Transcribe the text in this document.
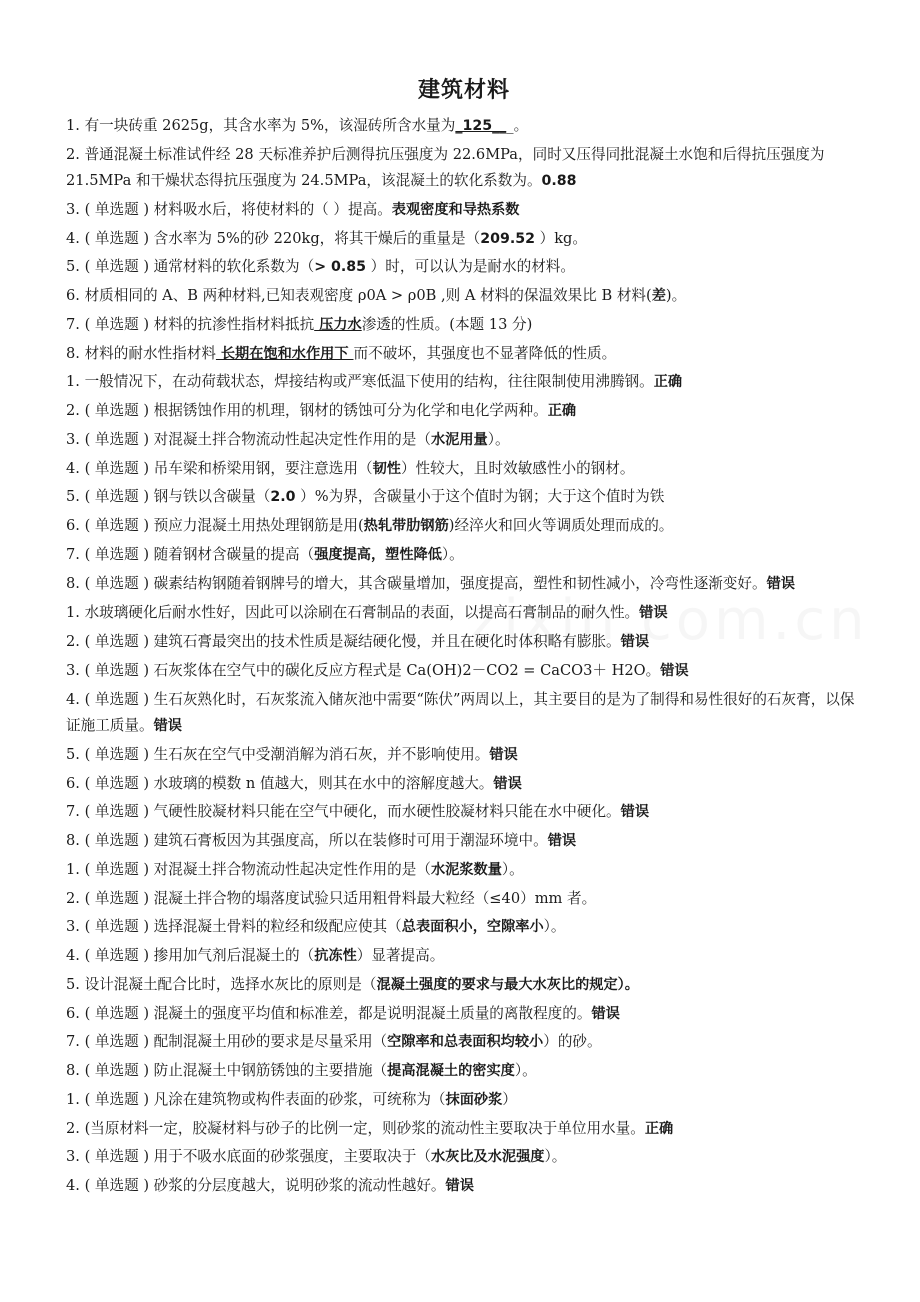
建筑材料
1. 有一块砖重 2625g，其含水率为 5%，该湿砖所含水量为_125___。
2. 普通混凝土标准试件经 28 天标准养护后测得抗压强度为 22.6MPa，同时又压得同批混凝土水饱和后得抗压强度为 21.5MPa 和干燥状态得抗压强度为 24.5MPa，该混凝土的软化系数为。0.88
3. ( 单选题 ) 材料吸水后，将使材料的（ ）提高。表观密度和导热系数
4. ( 单选题 ) 含水率为 5%的砂 220kg，将其干燥后的重量是（209.52 ）kg。
5. ( 单选题 ) 通常材料的软化系数为（> 0.85 ）时，可以认为是耐水的材料。
6. 材质相同的 A、B 两种材料,已知表观密度 ρ0A > ρ0B ,则 A 材料的保温效果比 B 材料(差)。
7. ( 单选题 ) 材料的抗渗性指材料抵抗 压力水渗透的性质。(本题 13 分)
8. 材料的耐水性指材料 长期在饱和水作用下 而不破坏，其强度也不显著降低的性质。
1. 一般情况下，在动荷载状态，焊接结构或严寒低温下使用的结构，往往限制使用沸腾钢。正确
2. ( 单选题 ) 根据锈蚀作用的机理，钢材的锈蚀可分为化学和电化学两种。正确
3. ( 单选题 ) 对混凝土拌合物流动性起决定性作用的是（水泥用量）。
4. ( 单选题 ) 吊车梁和桥梁用钢，要注意选用（韧性）性较大，且时效敏感性小的钢材。
5. ( 单选题 ) 钢与铁以含碳量（2.0 ）%为界，含碳量小于这个值时为钢；大于这个值时为铁
6. ( 单选题 ) 预应力混凝土用热处理钢筋是用(热轧带肋钢筋)经淬火和回火等调质处理而成的。
7. ( 单选题 ) 随着钢材含碳量的提高（强度提高，塑性降低）。
8. ( 单选题 ) 碳素结构钢随着钢牌号的增大，其含碳量增加，强度提高，塑性和韧性减小，冷弯性逐渐变好。错误
1. 水玻璃硬化后耐水性好，因此可以涂刷在石膏制品的表面，以提高石膏制品的耐久性。错误
2. ( 单选题 ) 建筑石膏最突出的技术性质是凝结硬化慢，并且在硬化时体积略有膨胀。错误
3. ( 单选题 ) 石灰浆体在空气中的碳化反应方程式是 Ca(OH)2－CO2 = CaCO3＋ H2O。错误
4. ( 单选题 ) 生石灰熟化时，石灰浆流入储灰池中需要“陈伏”两周以上，其主要目的是为了制得和易性很好的石灰膏，以保证施工质量。错误
5. ( 单选题 ) 生石灰在空气中受潮消解为消石灰，并不影响使用。错误
6. ( 单选题 ) 水玻璃的模数 n 值越大，则其在水中的溶解度越大。错误
7. ( 单选题 ) 气硬性胶凝材料只能在空气中硬化，而水硬性胶凝材料只能在水中硬化。错误
8. ( 单选题 ) 建筑石膏板因为其强度高，所以在装修时可用于潮湿环境中。错误
1. ( 单选题 ) 对混凝土拌合物流动性起决定性作用的是（水泥浆数量）。
2. ( 单选题 ) 混凝土拌合物的塌落度试验只适用粗骨料最大粒经（≤40）mm 者。
3. ( 单选题 ) 选择混凝土骨料的粒经和级配应使其（总表面积小，空隙率小）。
4. ( 单选题 ) 掺用加气剂后混凝土的（抗冻性）显著提高。
5. 设计混凝土配合比时，选择水灰比的原则是（混凝土强度的要求与最大水灰比的规定）。
6. ( 单选题 ) 混凝土的强度平均值和标准差，都是说明混凝土质量的离散程度的。错误
7. ( 单选题 ) 配制混凝土用砂的要求是尽量采用（空隙率和总表面积均较小）的砂。
8. ( 单选题 ) 防止混凝土中钢筋锈蚀的主要措施（提高混凝土的密实度）。
1. ( 单选题 ) 凡涂在建筑物或构件表面的砂浆，可统称为（抹面砂浆）
2. (当原材料一定，胶凝材料与砂子的比例一定，则砂浆的流动性主要取决于单位用水量。正确
3. ( 单选题 ) 用于不吸水底面的砂浆强度，主要取决于（水灰比及水泥强度）。
4. ( 单选题 ) 砂浆的分层度越大，说明砂浆的流动性越好。错误
